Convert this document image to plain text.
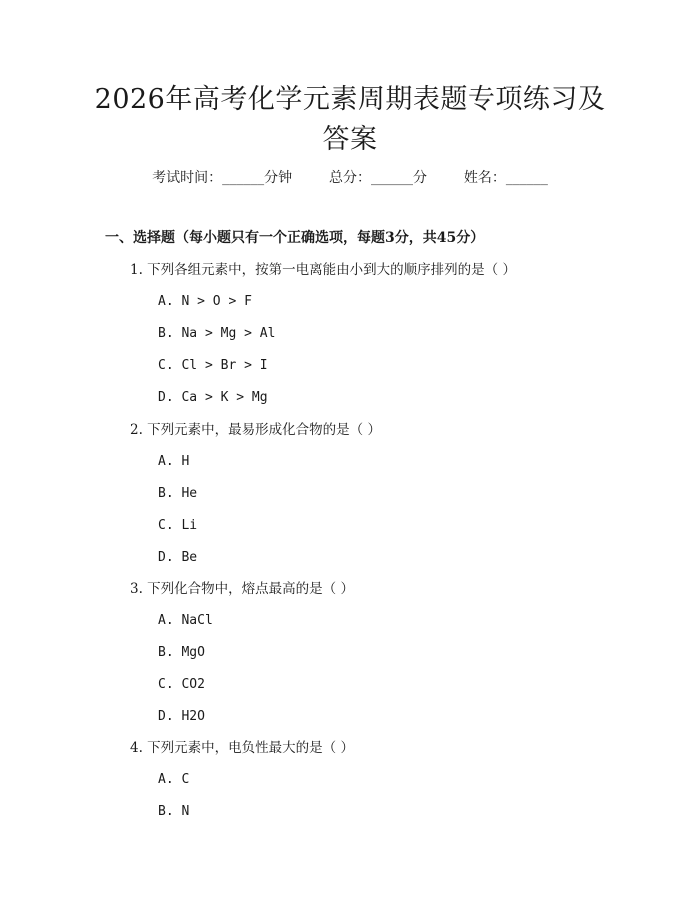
2026年高考化学元素周期表题专项练习及答案
考试时间：______分钟	总分：______分	姓名：______
一、选择题（每小题只有一个正确选项，每题3分，共45分）
1. 下列各组元素中，按第一电离能由小到大的顺序排列的是（ ）
A. N > O > F
B. Na > Mg > Al
C. Cl > Br > I
D. Ca > K > Mg
2. 下列元素中，最易形成化合物的是（ ）
A. H
B. He
C. Li
D. Be
3. 下列化合物中，熔点最高的是（ ）
A. NaCl
B. MgO
C. CO2
D. H2O
4. 下列元素中，电负性最大的是（ ）
A. C
B. N
